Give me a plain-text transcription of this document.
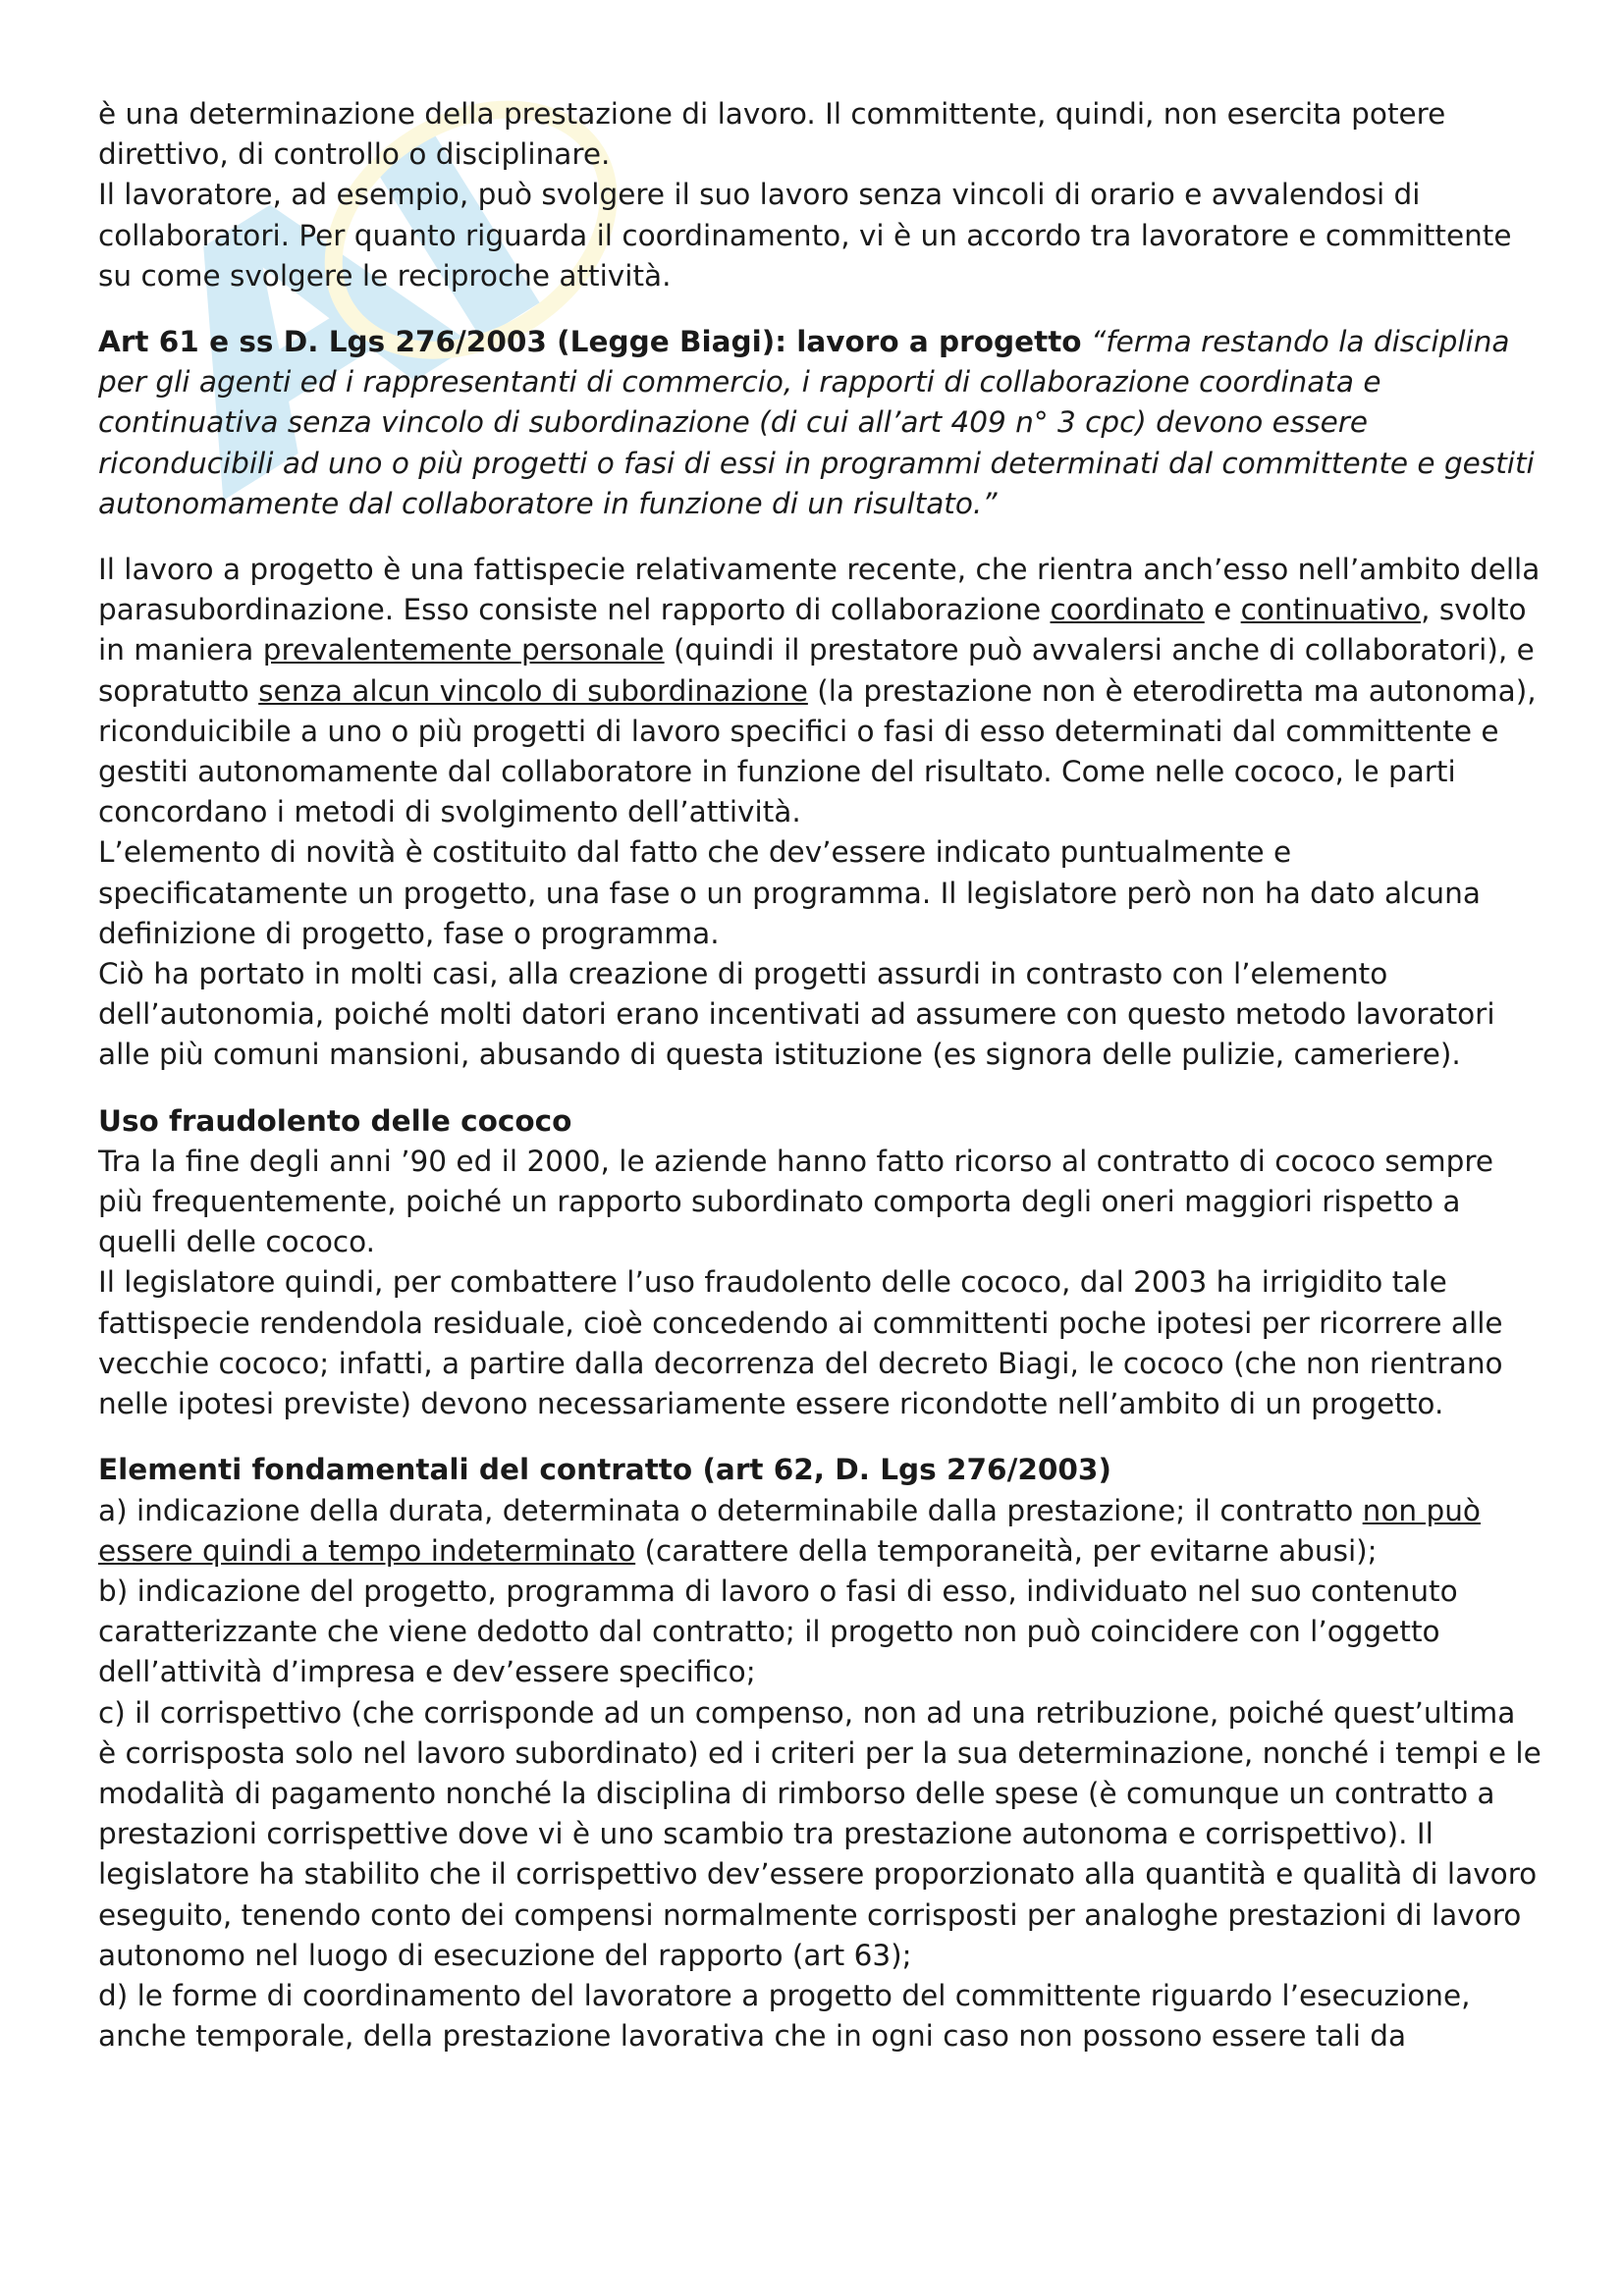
è una determinazione della prestazione di lavoro. Il committente, quindi, non esercita potere direttivo, di controllo o disciplinare.

Il lavoratore, ad esempio, può svolgere il suo lavoro senza vincoli di orario e avvalendosi di collaboratori. Per quanto riguarda il coordinamento, vi è un accordo tra lavoratore e committente su come svolgere le reciproche attività.

Art 61 e ss D. Lgs 276/2003 (Legge Biagi): lavoro a progetto “ferma restando la disciplina per gli agenti ed i rappresentanti di commercio, i rapporti di collaborazione coordinata e continuativa senza vincolo di subordinazione (di cui all’art 409 n° 3 cpc) devono essere riconducibili ad uno o più progetti o fasi di essi in programmi determinati dal committente e gestiti autonomamente dal collaboratore in funzione di un risultato.”

Il lavoro a progetto è una fattispecie relativamente recente, che rientra anch’esso nell’ambito della parasubordinazione. Esso consiste nel rapporto di collaborazione coordinato e continuativo, svolto in maniera prevalentemente personale (quindi il prestatore può avvalersi anche di collaboratori), e sopratutto senza alcun vincolo di subordinazione (la prestazione non è eterodiretta ma autonoma), riconduicibile a uno o più progetti di lavoro specifici o fasi di esso determinati dal committente e gestiti autonomamente dal collaboratore in funzione del risultato. Come nelle cococo, le parti concordano i metodi di svolgimento dell’attività.

L’elemento di novità è costituito dal fatto che dev’essere indicato puntualmente e specificatamente un progetto, una fase o un programma. Il legislatore però non ha dato alcuna definizione di progetto, fase o programma.

Ciò ha portato in molti casi, alla creazione di progetti assurdi in contrasto con l’elemento dell’autonomia, poiché molti datori erano incentivati ad assumere con questo metodo lavoratori alle più comuni mansioni, abusando di questa istituzione (es signora delle pulizie, cameriere).

Uso fraudolento delle cococo

Tra la fine degli anni ’90 ed il 2000, le aziende hanno fatto ricorso al contratto di cococo sempre più frequentemente, poiché un rapporto subordinato comporta degli oneri maggiori rispetto a quelli delle cococo.

Il legislatore quindi, per combattere l’uso fraudolento delle cococo, dal 2003 ha irrigidito tale fattispecie rendendola residuale, cioè concedendo ai committenti poche ipotesi per ricorrere alle vecchie cococo; infatti, a partire dalla decorrenza del decreto Biagi, le cococo (che non rientrano nelle ipotesi previste) devono necessariamente essere ricondotte nell’ambito di un progetto.

Elementi fondamentali del contratto (art 62, D. Lgs 276/2003)

a) indicazione della durata, determinata o determinabile dalla prestazione; il contratto non può essere quindi a tempo indeterminato (carattere della temporaneità, per evitarne abusi);

b) indicazione del progetto, programma di lavoro o fasi di esso, individuato nel suo contenuto caratterizzante che viene dedotto dal contratto; il progetto non può coincidere con l’oggetto dell’attività d’impresa e dev’essere specifico;

c) il corrispettivo (che corrisponde ad un compenso, non ad una retribuzione, poiché quest’ultima è corrisposta solo nel lavoro subordinato) ed i criteri per la sua determinazione, nonché i tempi e le modalità di pagamento nonché la disciplina di rimborso delle spese (è comunque un contratto a prestazioni corrispettive dove vi è uno scambio tra prestazione autonoma e corrispettivo). Il legislatore ha stabilito che il corrispettivo dev’essere proporzionato alla quantità e qualità di lavoro eseguito, tenendo conto dei compensi normalmente corrisposti per analoghe prestazioni di lavoro autonomo nel luogo di esecuzione del rapporto (art 63);

d) le forme di coordinamento del lavoratore a progetto del committente riguardo l’esecuzione, anche temporale, della prestazione lavorativa che in ogni caso non possono essere tali da
